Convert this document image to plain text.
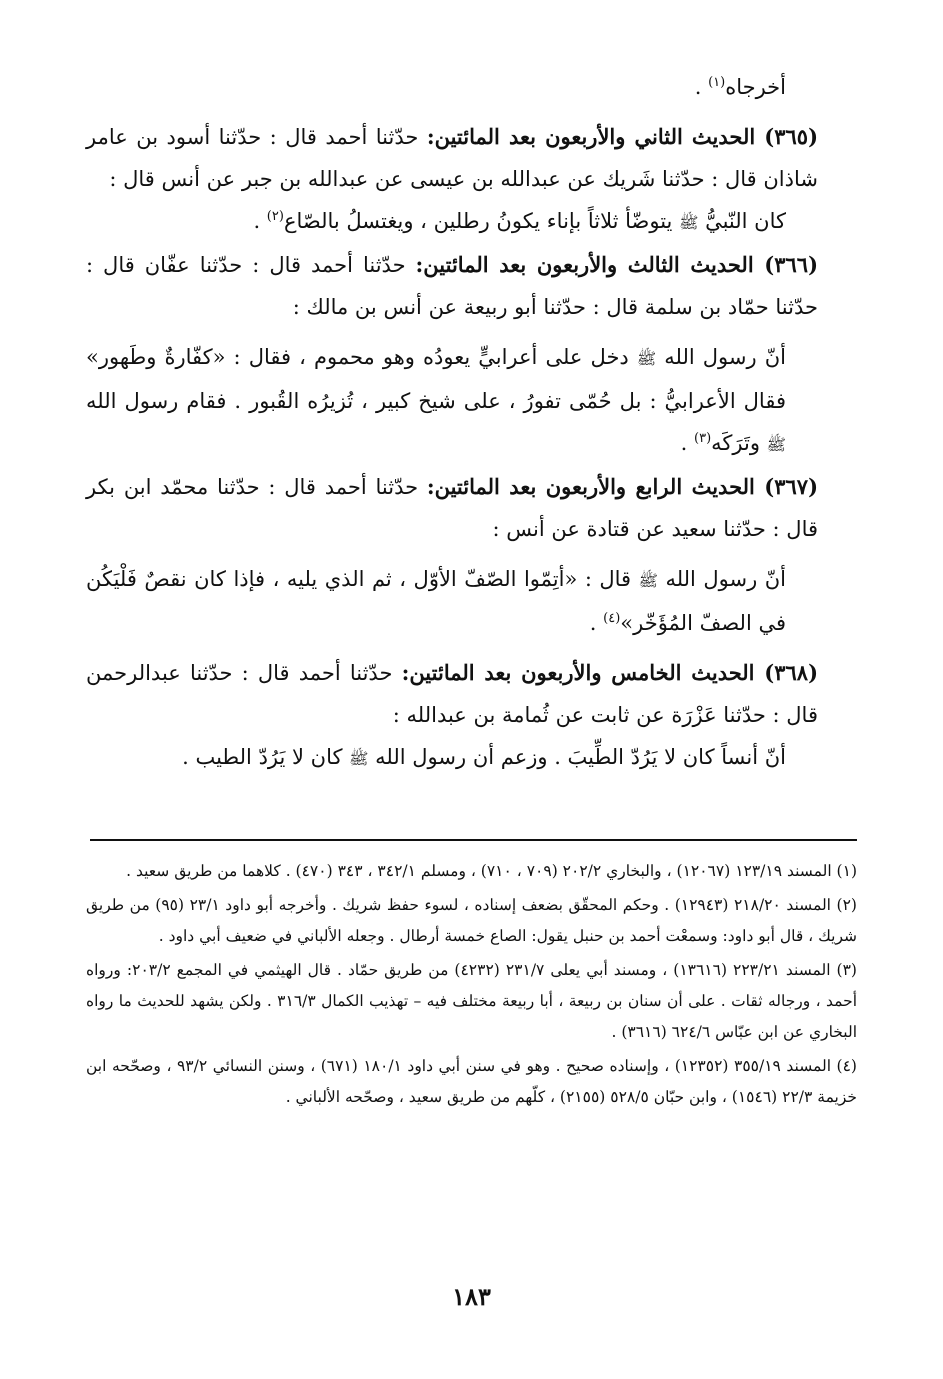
أخرجاه$^{(١)}$ .

(٣٦٥) الحديث الثاني والأربعون بعد المائتين: حدّثنا أحمد قال : حدّثنا أسود بن عامر شاذان قال : حدّثنا شَريك عن عبدالله بن عيسى عن عبدالله بن جبر عن أنس قال :

كان النّبيُّ ﷺ يتوضّأ ثلاثاً بإناء يكونُ رطلين ، ويغتسلُ بالصّاع$^{(٢)}$ .

(٣٦٦) الحديث الثالث والأربعون بعد المائتين: حدّثنا أحمد قال : حدّثنا عفّان قال : حدّثنا حمّاد بن سلمة قال : حدّثنا أبو ربيعة عن أنس بن مالك :

أنّ رسول الله ﷺ دخل على أعرابيٍّ يعودُه وهو محموم ، فقال : «كفّارةٌ وطَهور» فقال الأعرابيُّ : بل حُمّى تفورُ ، على شيخ كبير ، تُزيرُه القُبور . فقام رسول الله ﷺ وتَرَكَه$^{(٣)}$ .

(٣٦٧) الحديث الرابع والأربعون بعد المائتين: حدّثنا أحمد قال : حدّثنا محمّد ابن بكر قال : حدّثنا سعيد عن قتادة عن أنس :

أنّ رسول الله ﷺ قال : «أتِمّوا الصّفّ الأوّل ، ثم الذي يليه ، فإذا كان نقصٌ فَلْيَكُن في الصفّ المُؤَخّر»$^{(٤)}$ .

(٣٦٨) الحديث الخامس والأربعون بعد المائتين: حدّثنا أحمد قال : حدّثنا عبدالرحمن قال : حدّثنا عَزْرَة عن ثابت عن ثُمامة بن عبدالله :

أنّ أنساً كان لا يَرُدّ الطِّيبَ . وزعم أن رسول الله ﷺ كان لا يَرُدّ الطيب .

(١) المسند ١٢٣/١٩ (١٢٠٦٧) ، والبخاري ٢٠٢/٢ (٧٠٩ ، ٧١٠) ، ومسلم ٣٤٢/١ ، ٣٤٣ (٤٧٠) . كلاهما من طريق سعيد .

(٢) المسند ٢١٨/٢٠ (١٢٩٤٣) . وحكم المحقّق بضعف إسناده ، لسوء حفظ شريك . وأخرجه أبو داود ٢٣/١ (٩٥) من طريق شريك ، قال أبو داود: وسمعْت أحمد بن حنبل يقول: الصاع خمسة أرطال . وجعله الألباني في ضعيف أبي داود .

(٣) المسند ٢٢٣/٢١ (١٣٦١٦) ، ومسند أبي يعلى ٢٣١/٧ (٤٢٣٢) من طريق حمّاد . قال الهيثمي في المجمع ٢٠٣/٢: ورواه أحمد ، ورجاله ثقات . على أن سنان بن ربيعة ، أبا ربيعة مختلف فيه – تهذيب الكمال ٣١٦/٣ . ولكن يشهد للحديث ما رواه البخاري عن ابن عبّاس ٦٢٤/٦ (٣٦١٦) .

(٤) المسند ٣٥٥/١٩ (١٢٣٥٢) ، وإسناده صحيح . وهو في سنن أبي داود ١٨٠/١ (٦٧١) ، وسنن النسائي ٩٣/٢ ، وصحّحه ابن خزيمة ٢٢/٣ (١٥٤٦) ، وابن حبّان ٥٢٨/٥ (٢١٥٥) ، كلّهم من طريق سعيد ، وصحّحه الألباني .

١٨٣
